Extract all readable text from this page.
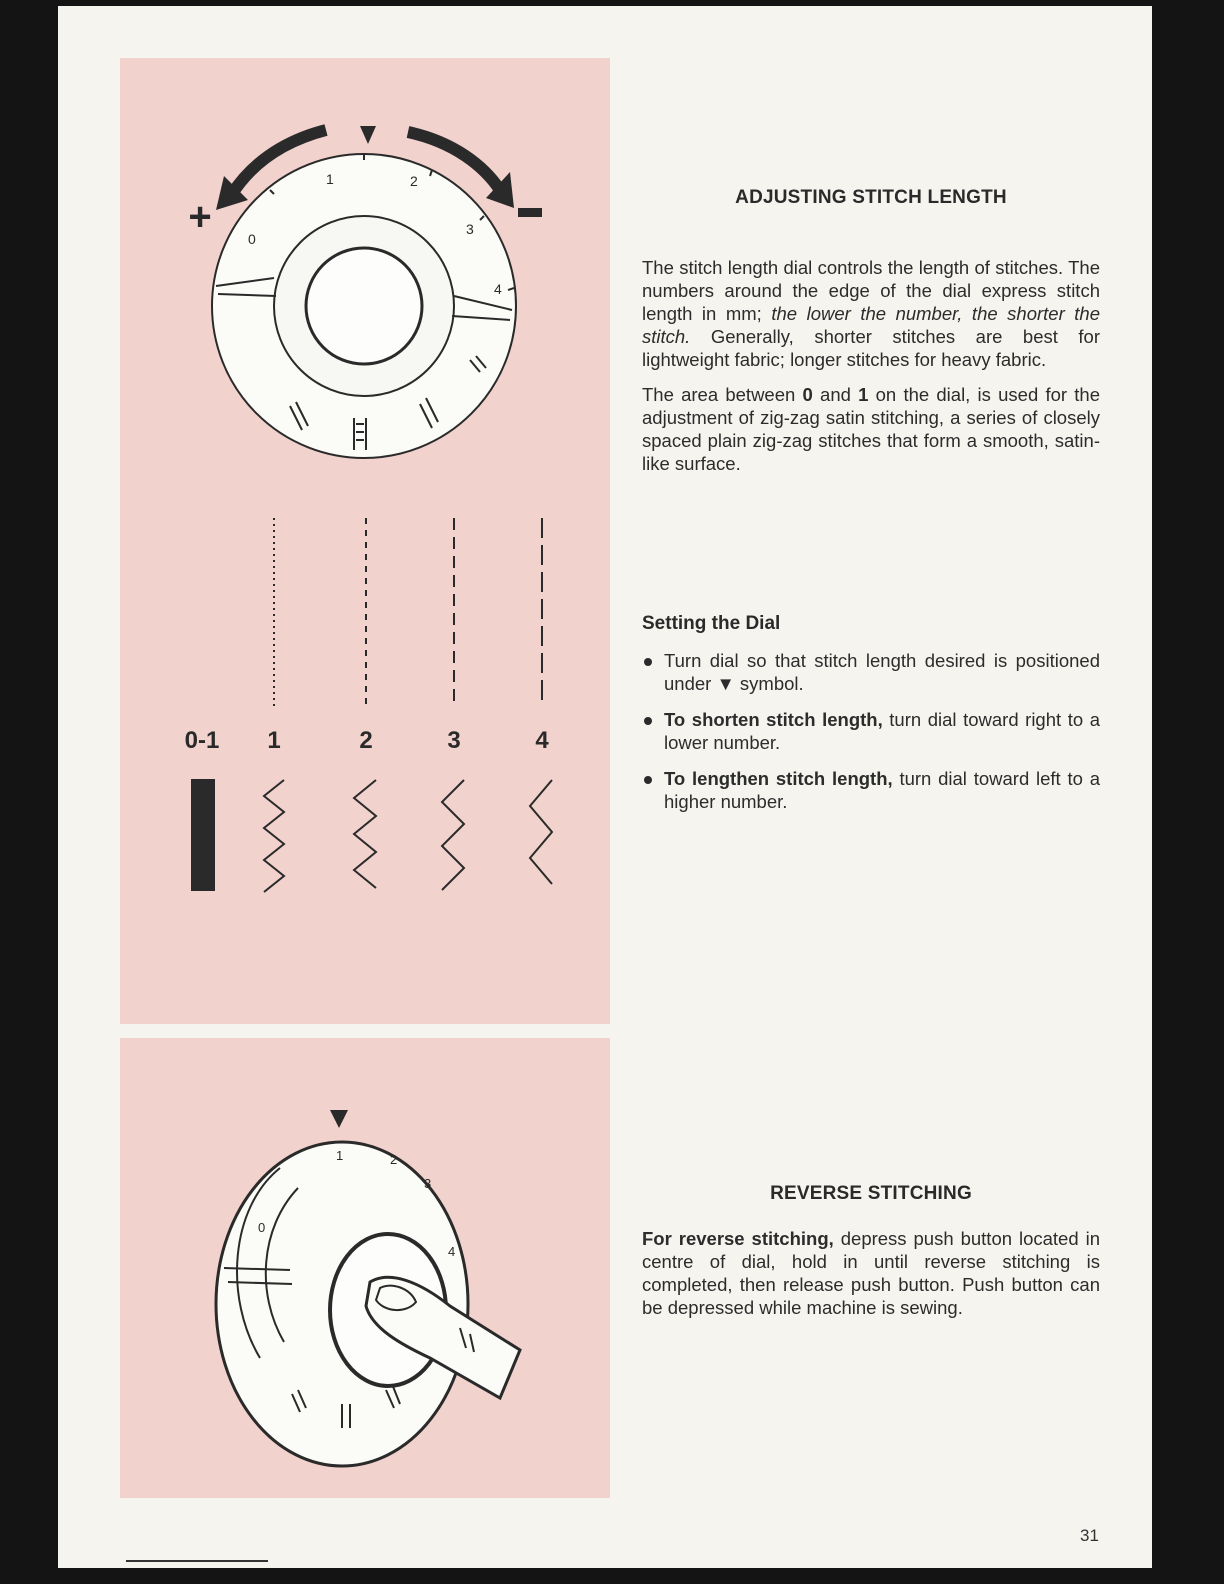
+	0
1	2
3
4
0-1 1	2	3	4
0
1	2
3
4
ADJUSTING STITCH LENGTH

The stitch length dial controls the length of stitches. The numbers around the edge of the dial express stitch length in mm; the lower the number, the shorter the stitch. Generally, shorter stitches are best for lightweight fabric; longer stitches for heavy fabric.

The area between 0 and 1 on the dial, is used for the adjustment of zig-zag satin stitching, a series of closely spaced plain zig-zag stitches that form a smooth, satin-like surface.

Setting the Dial
Turn dial so that stitch length desired is positioned under ▼ symbol.
To shorten stitch length, turn dial toward right to a lower number.
To lengthen stitch length, turn dial toward left to a higher number.
REVERSE STITCHING

For reverse stitching, depress push button located in centre of dial, hold in until reverse stitching is completed, then release push button. Push button can be depressed while machine is sewing.

31
